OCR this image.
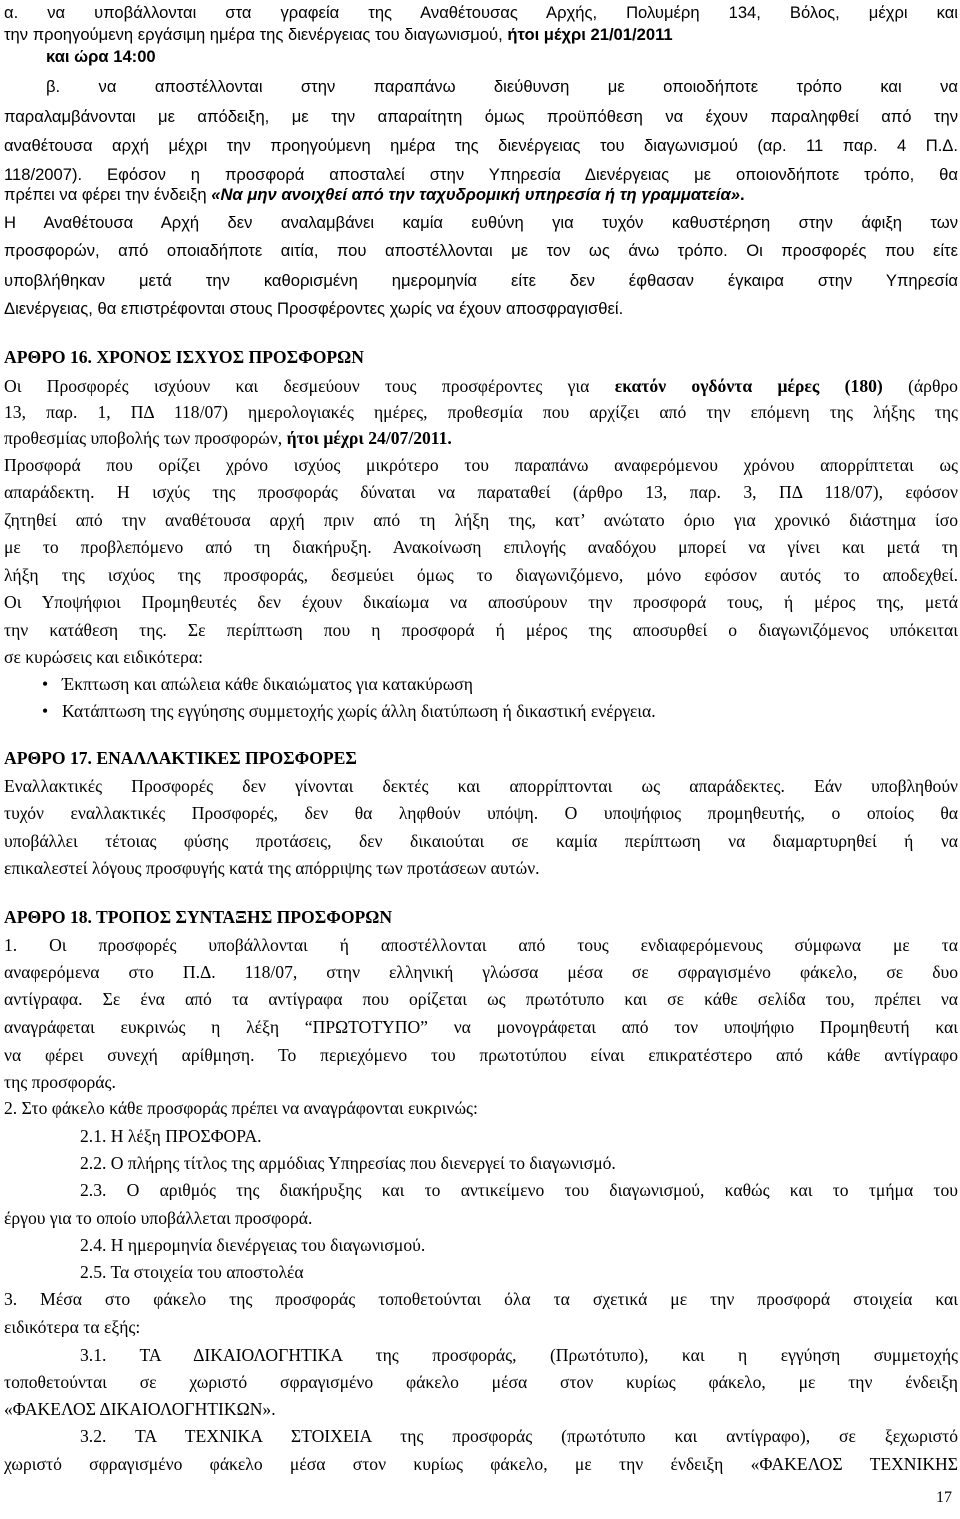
α. να υποβάλλονται στα γραφεία της Αναθέτουσας Αρχής, Πολυμέρη 134, Βόλος, μέχρι και
την προηγούμενη εργάσιμη ημέρα της διενέργειας του διαγωνισμού, ήτοι μέχρι 21/01/2011
και ώρα 14:00
β. να αποστέλλονται στην παραπάνω διεύθυνση με οποιοδήποτε τρόπο και να
παραλαμβάνονται με απόδειξη, με την απαραίτητη όμως προϋπόθεση να έχουν παραληφθεί από την
αναθέτουσα αρχή μέχρι την προηγούμενη ημέρα της διενέργειας του διαγωνισμού (αρ. 11 παρ. 4 Π.Δ.
118/2007). Εφόσον η προσφορά αποσταλεί στην Υπηρεσία Διενέργειας με οποιονδήποτε τρόπο, θα
πρέπει να φέρει την ένδειξη «Να μην ανοιχθεί από την ταχυδρομική υπηρεσία ή τη γραμματεία».
Η Αναθέτουσα Αρχή δεν αναλαμβάνει καμία ευθύνη για τυχόν καθυστέρηση στην άφιξη των
προσφορών, από οποιαδήποτε αιτία, που αποστέλλονται με τον ως άνω τρόπο. Οι προσφορές που είτε
υποβλήθηκαν μετά την καθορισμένη ημερομηνία είτε δεν έφθασαν έγκαιρα στην Υπηρεσία
Διενέργειας, θα επιστρέφονται στους Προσφέροντες χωρίς να έχουν αποσφραγισθεί.
ΑΡΘΡΟ 16. ΧΡΟΝΟΣ ΙΣΧΥΟΣ ΠΡΟΣΦΟΡΩΝ
Οι Προσφορές ισχύουν και δεσμεύουν τους προσφέροντες για εκατόν ογδόντα μέρες (180) (άρθρο
13, παρ. 1, ΠΔ 118/07) ημερολογιακές ημέρες, προθεσμία που αρχίζει από την επόμενη της λήξης της
προθεσμίας υποβολής των προσφορών, ήτοι μέχρι 24/07/2011.
Προσφορά που ορίζει χρόνο ισχύος μικρότερο του παραπάνω αναφερόμενου χρόνου απορρίπτεται ως
απαράδεκτη. Η ισχύς της προσφοράς δύναται να παραταθεί (άρθρο 13, παρ. 3, ΠΔ 118/07), εφόσον
ζητηθεί από την αναθέτουσα αρχή πριν από τη λήξη της, κατ’ ανώτατο όριο για χρονικό διάστημα ίσο
με το προβλεπόμενο από τη διακήρυξη. Ανακοίνωση επιλογής αναδόχου μπορεί να γίνει και μετά τη
λήξη της ισχύος της προσφοράς, δεσμεύει όμως το διαγωνιζόμενο, μόνο εφόσον αυτός το αποδεχθεί.
Οι Υποψήφιοι Προμηθευτές δεν έχουν δικαίωμα να αποσύρουν την προσφορά τους, ή μέρος της, μετά
την κατάθεση της. Σε περίπτωση που η προσφορά ή μέρος της αποσυρθεί ο διαγωνιζόμενος υπόκειται
σε κυρώσεις και ειδικότερα:
• Έκπτωση και απώλεια κάθε δικαιώματος για κατακύρωση
• Κατάπτωση της εγγύησης συμμετοχής χωρίς άλλη διατύπωση ή δικαστική ενέργεια.
ΑΡΘΡΟ 17. ΕΝΑΛΛΑΚΤΙΚΕΣ ΠΡΟΣΦΟΡΕΣ
Εναλλακτικές Προσφορές δεν γίνονται δεκτές και απορρίπτονται ως απαράδεκτες. Εάν υποβληθούν
τυχόν εναλλακτικές Προσφορές, δεν θα ληφθούν υπόψη. Ο υποψήφιος προμηθευτής, ο οποίος θα
υποβάλλει τέτοιας φύσης προτάσεις, δεν δικαιούται σε καμία περίπτωση να διαμαρτυρηθεί ή να
επικαλεστεί λόγους προσφυγής κατά της απόρριψης των προτάσεων αυτών.
ΑΡΘΡΟ 18. ΤΡΟΠΟΣ ΣΥΝΤΑΞΗΣ ΠΡΟΣΦΟΡΩΝ
1. Οι προσφορές υποβάλλονται ή αποστέλλονται από τους ενδιαφερόμενους σύμφωνα με τα
αναφερόμενα στο Π.Δ. 118/07, στην ελληνική γλώσσα μέσα σε σφραγισμένο φάκελο, σε δυο
αντίγραφα. Σε ένα από τα αντίγραφα που ορίζεται ως πρωτότυπο και σε κάθε σελίδα του, πρέπει να
αναγράφεται ευκρινώς η λέξη “ΠΡΩΤΟΤΥΠΟ” να μονογράφεται από τον υποψήφιο Προμηθευτή και
να φέρει συνεχή αρίθμηση. Το περιεχόμενο του πρωτοτύπου είναι επικρατέστερο από κάθε αντίγραφο
της προσφοράς.
2. Στο φάκελο κάθε προσφοράς πρέπει να αναγράφονται ευκρινώς:
2.1. Η λέξη ΠΡΟΣΦΟΡΑ.
2.2. Ο πλήρης τίτλος της αρμόδιας Υπηρεσίας που διενεργεί το διαγωνισμό.
2.3. Ο αριθμός της διακήρυξης και το αντικείμενο του διαγωνισμού, καθώς και το τμήμα του
έργου για το οποίο υποβάλλεται προσφορά.
2.4. Η ημερομηνία διενέργειας του διαγωνισμού.
2.5. Τα στοιχεία του αποστολέα
3. Μέσα στο φάκελο της προσφοράς τοποθετούνται όλα τα σχετικά με την προσφορά στοιχεία και
ειδικότερα τα εξής:
3.1. ΤΑ ΔΙΚΑΙΟΛΟΓΗΤΙΚΑ της προσφοράς, (Πρωτότυπο), και η εγγύηση συμμετοχής
τοποθετούνται σε χωριστό σφραγισμένο φάκελο μέσα στον κυρίως φάκελο, με την ένδειξη
«ΦΑΚΕΛΟΣ ΔΙΚΑΙΟΛΟΓΗΤΙΚΩΝ».
3.2. ΤΑ ΤΕΧΝΙΚΑ ΣΤΟΙΧΕΙΑ της προσφοράς (πρωτότυπο και αντίγραφο), σε ξεχωριστό
χωριστό σφραγισμένο φάκελο μέσα στον κυρίως φάκελο, με την ένδειξη «ΦΑΚΕΛΟΣ ΤΕΧΝΙΚΗΣ
17
